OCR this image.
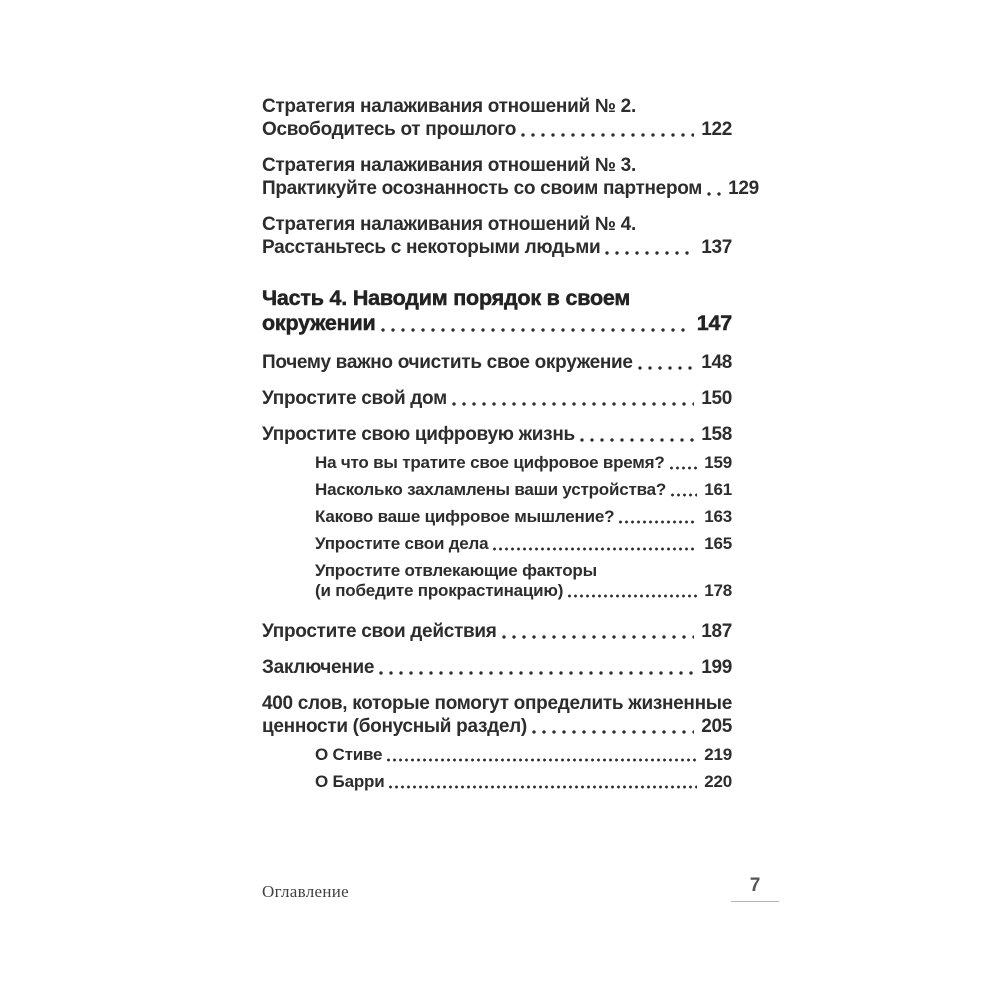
Стратегия налаживания отношений № 2.
Освободитесь от прошлого	122
Стратегия налаживания отношений № 3.
Практикуйте осознанность со своим партнером 129
Стратегия налаживания отношений № 4.
Расстаньтесь с некоторыми людьми	137
Часть 4. Наводим порядок в своем
окружении	147
Почему важно очистить свое окружение	148
Упростите свой дом	150
Упростите свою цифровую жизнь	158
На что вы тратите свое цифровое время? 159
Насколько захламлены ваши устройства? 161
Каково ваше цифровое мышление?	163
Упростите свои дела	165
Упростите отвлекающие факторы
(и победите прокрастинацию)	178
Упростите свои действия	187
Заключение	199
400 слов, которые помогут определить жизненные
ценности (бонусный раздел)	205
О Стиве	219
О Барри	220
Оглавление	7
